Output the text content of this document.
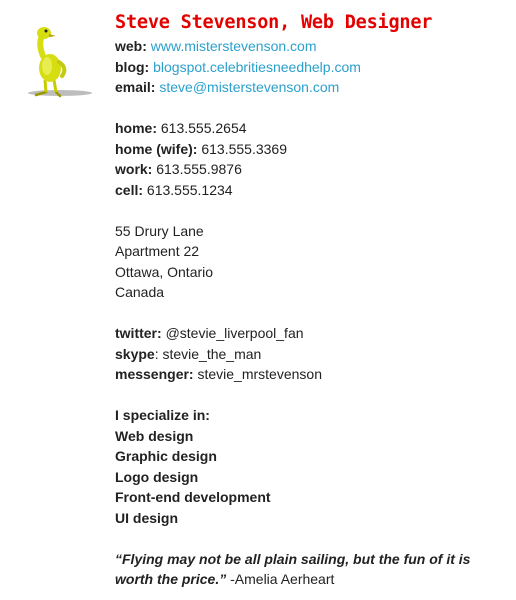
Steve Stevenson, Web Designer
web: www.misterstevenson.com
blog: blogspot.celebritiesneedhelp.com
email: steve@misterstevenson.com
home: 613.555.2654
home (wife): 613.555.3369
work: 613.555.9876
cell: 613.555.1234
55 Drury Lane
Apartment 22
Ottawa, Ontario
Canada
twitter: @stevie_liverpool_fan
skype: stevie_the_man
messenger: stevie_mrstevenson
I specialize in:
Web design
Graphic design
Logo design
Front-end development
UI design
“Flying may not be all plain sailing, but the fun of it is worth the price.” -Amelia Aerheart
